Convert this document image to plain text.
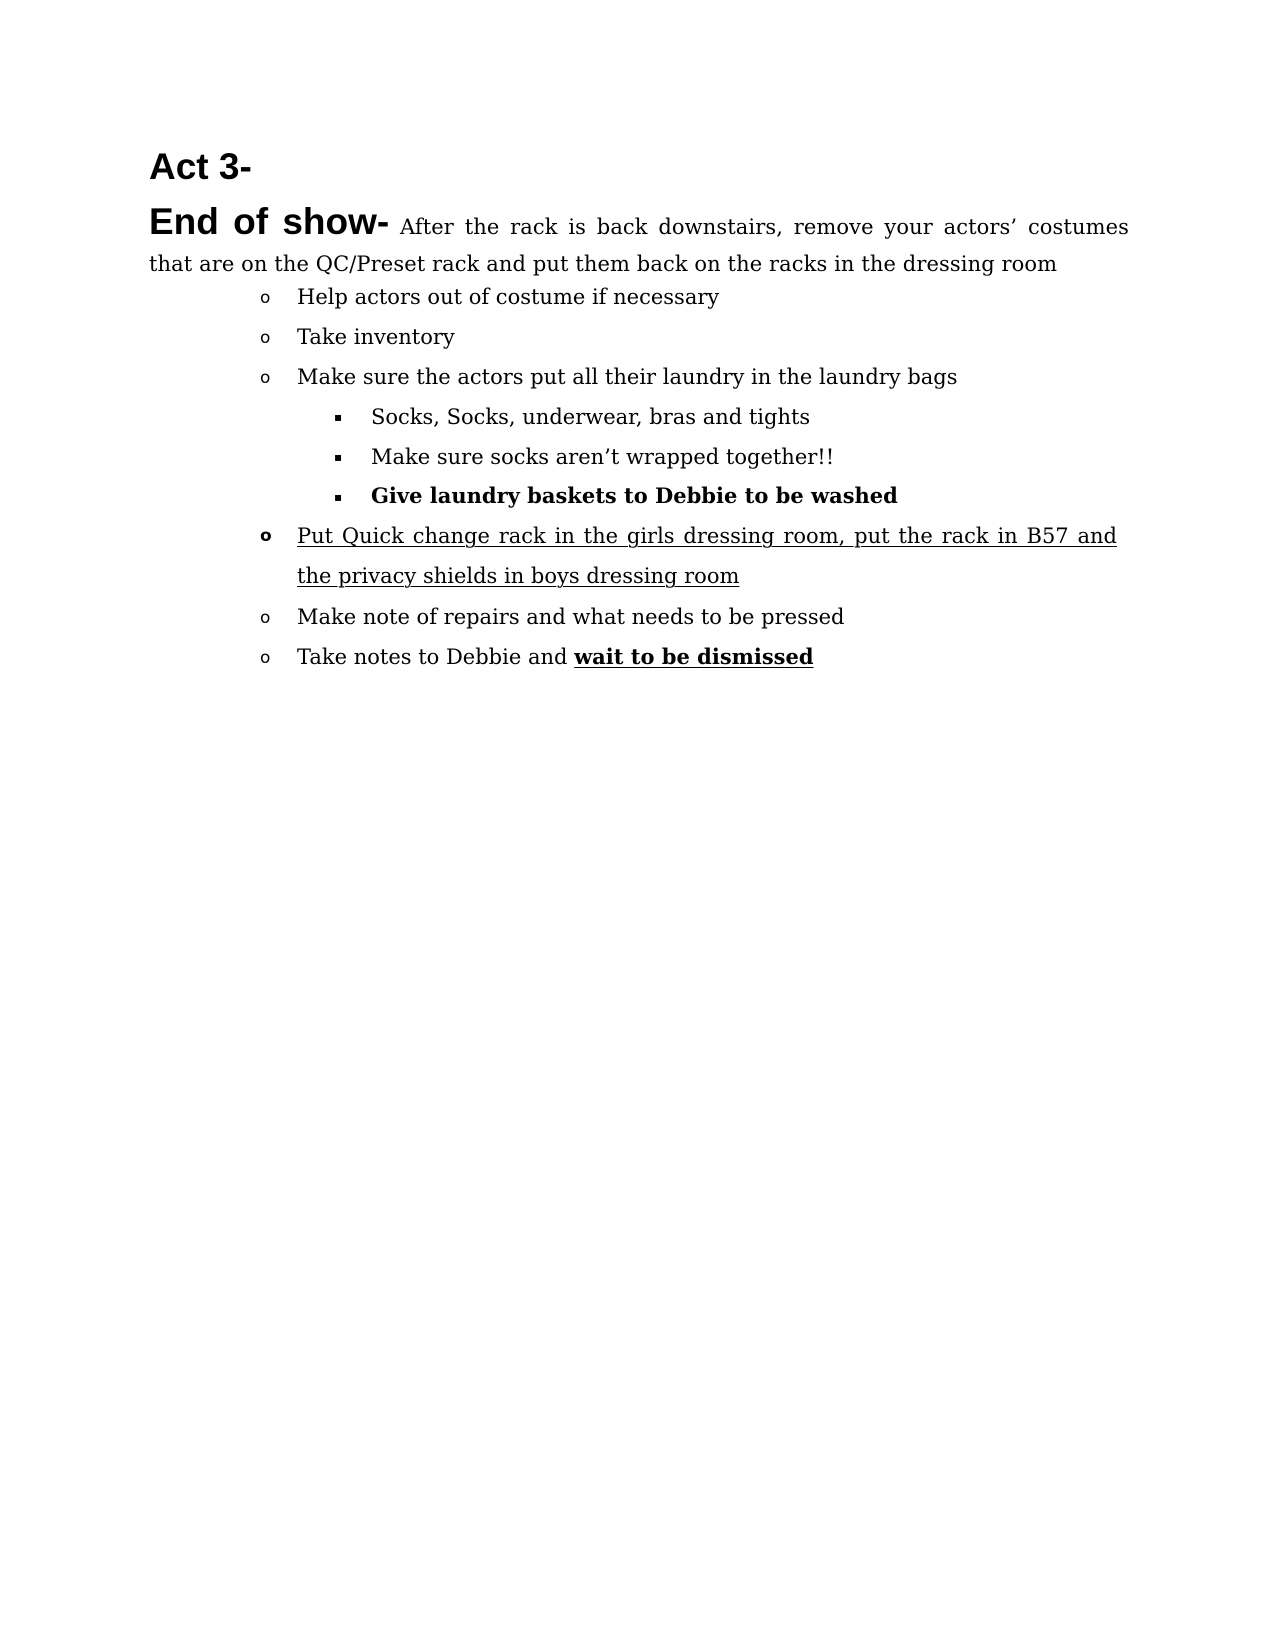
Act 3-

End of show- After the rack is back downstairs, remove your actors’ costumes that are on the QC/Preset rack and put them back on the racks in the dressing room

o Help actors out of costume if necessary
o Take inventory
o Make sure the actors put all their laundry in the laundry bags
▪ Socks, Socks, underwear, bras and tights
▪ Make sure socks aren’t wrapped together!!
▪ Give laundry baskets to Debbie to be washed
o Put Quick change rack in the girls dressing room, put the rack in B57 and the privacy shields in boys dressing room
o Make note of repairs and what needs to be pressed
o Take notes to Debbie and wait to be dismissed
